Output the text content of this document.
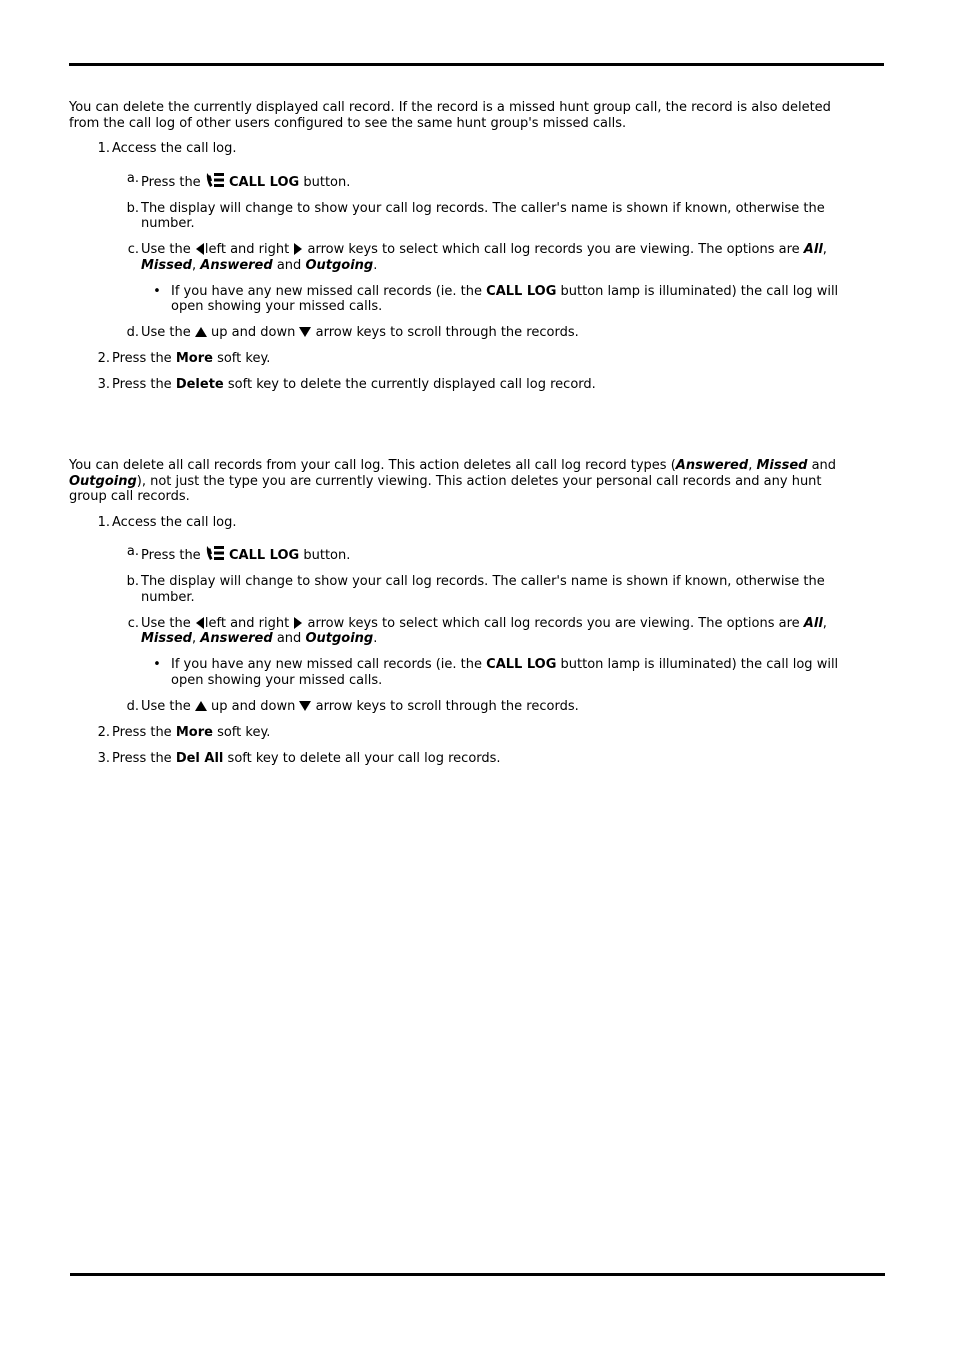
You can delete the currently displayed call record. If the record is a missed hunt group call, the record is also deleted from the call log of other users configured to see the same hunt group's missed calls.

1. Access the call log.
a. Press the CALL LOG button.
b. The display will change to show your call log records. The caller's name is shown if known, otherwise the number.
c. Use the left and right arrow keys to select which call log records you are viewing. The options are All, Missed, Answered and Outgoing.
• If you have any new missed call records (ie. the CALL LOG button lamp is illuminated) the call log will open showing your missed calls.
d. Use the up and down arrow keys to scroll through the records.
2. Press the More soft key.
3. Press the Delete soft key to delete the currently displayed call log record.

You can delete all call records from your call log. This action deletes all call log record types (Answered, Missed and Outgoing), not just the type you are currently viewing. This action deletes your personal call records and any hunt group call records.

1. Access the call log.
a. Press the CALL LOG button.
b. The display will change to show your call log records. The caller's name is shown if known, otherwise the number.
c. Use the left and right arrow keys to select which call log records you are viewing. The options are All, Missed, Answered and Outgoing.
• If you have any new missed call records (ie. the CALL LOG button lamp is illuminated) the call log will open showing your missed calls.
d. Use the up and down arrow keys to scroll through the records.
2. Press the More soft key.
3. Press the Del All soft key to delete all your call log records.
